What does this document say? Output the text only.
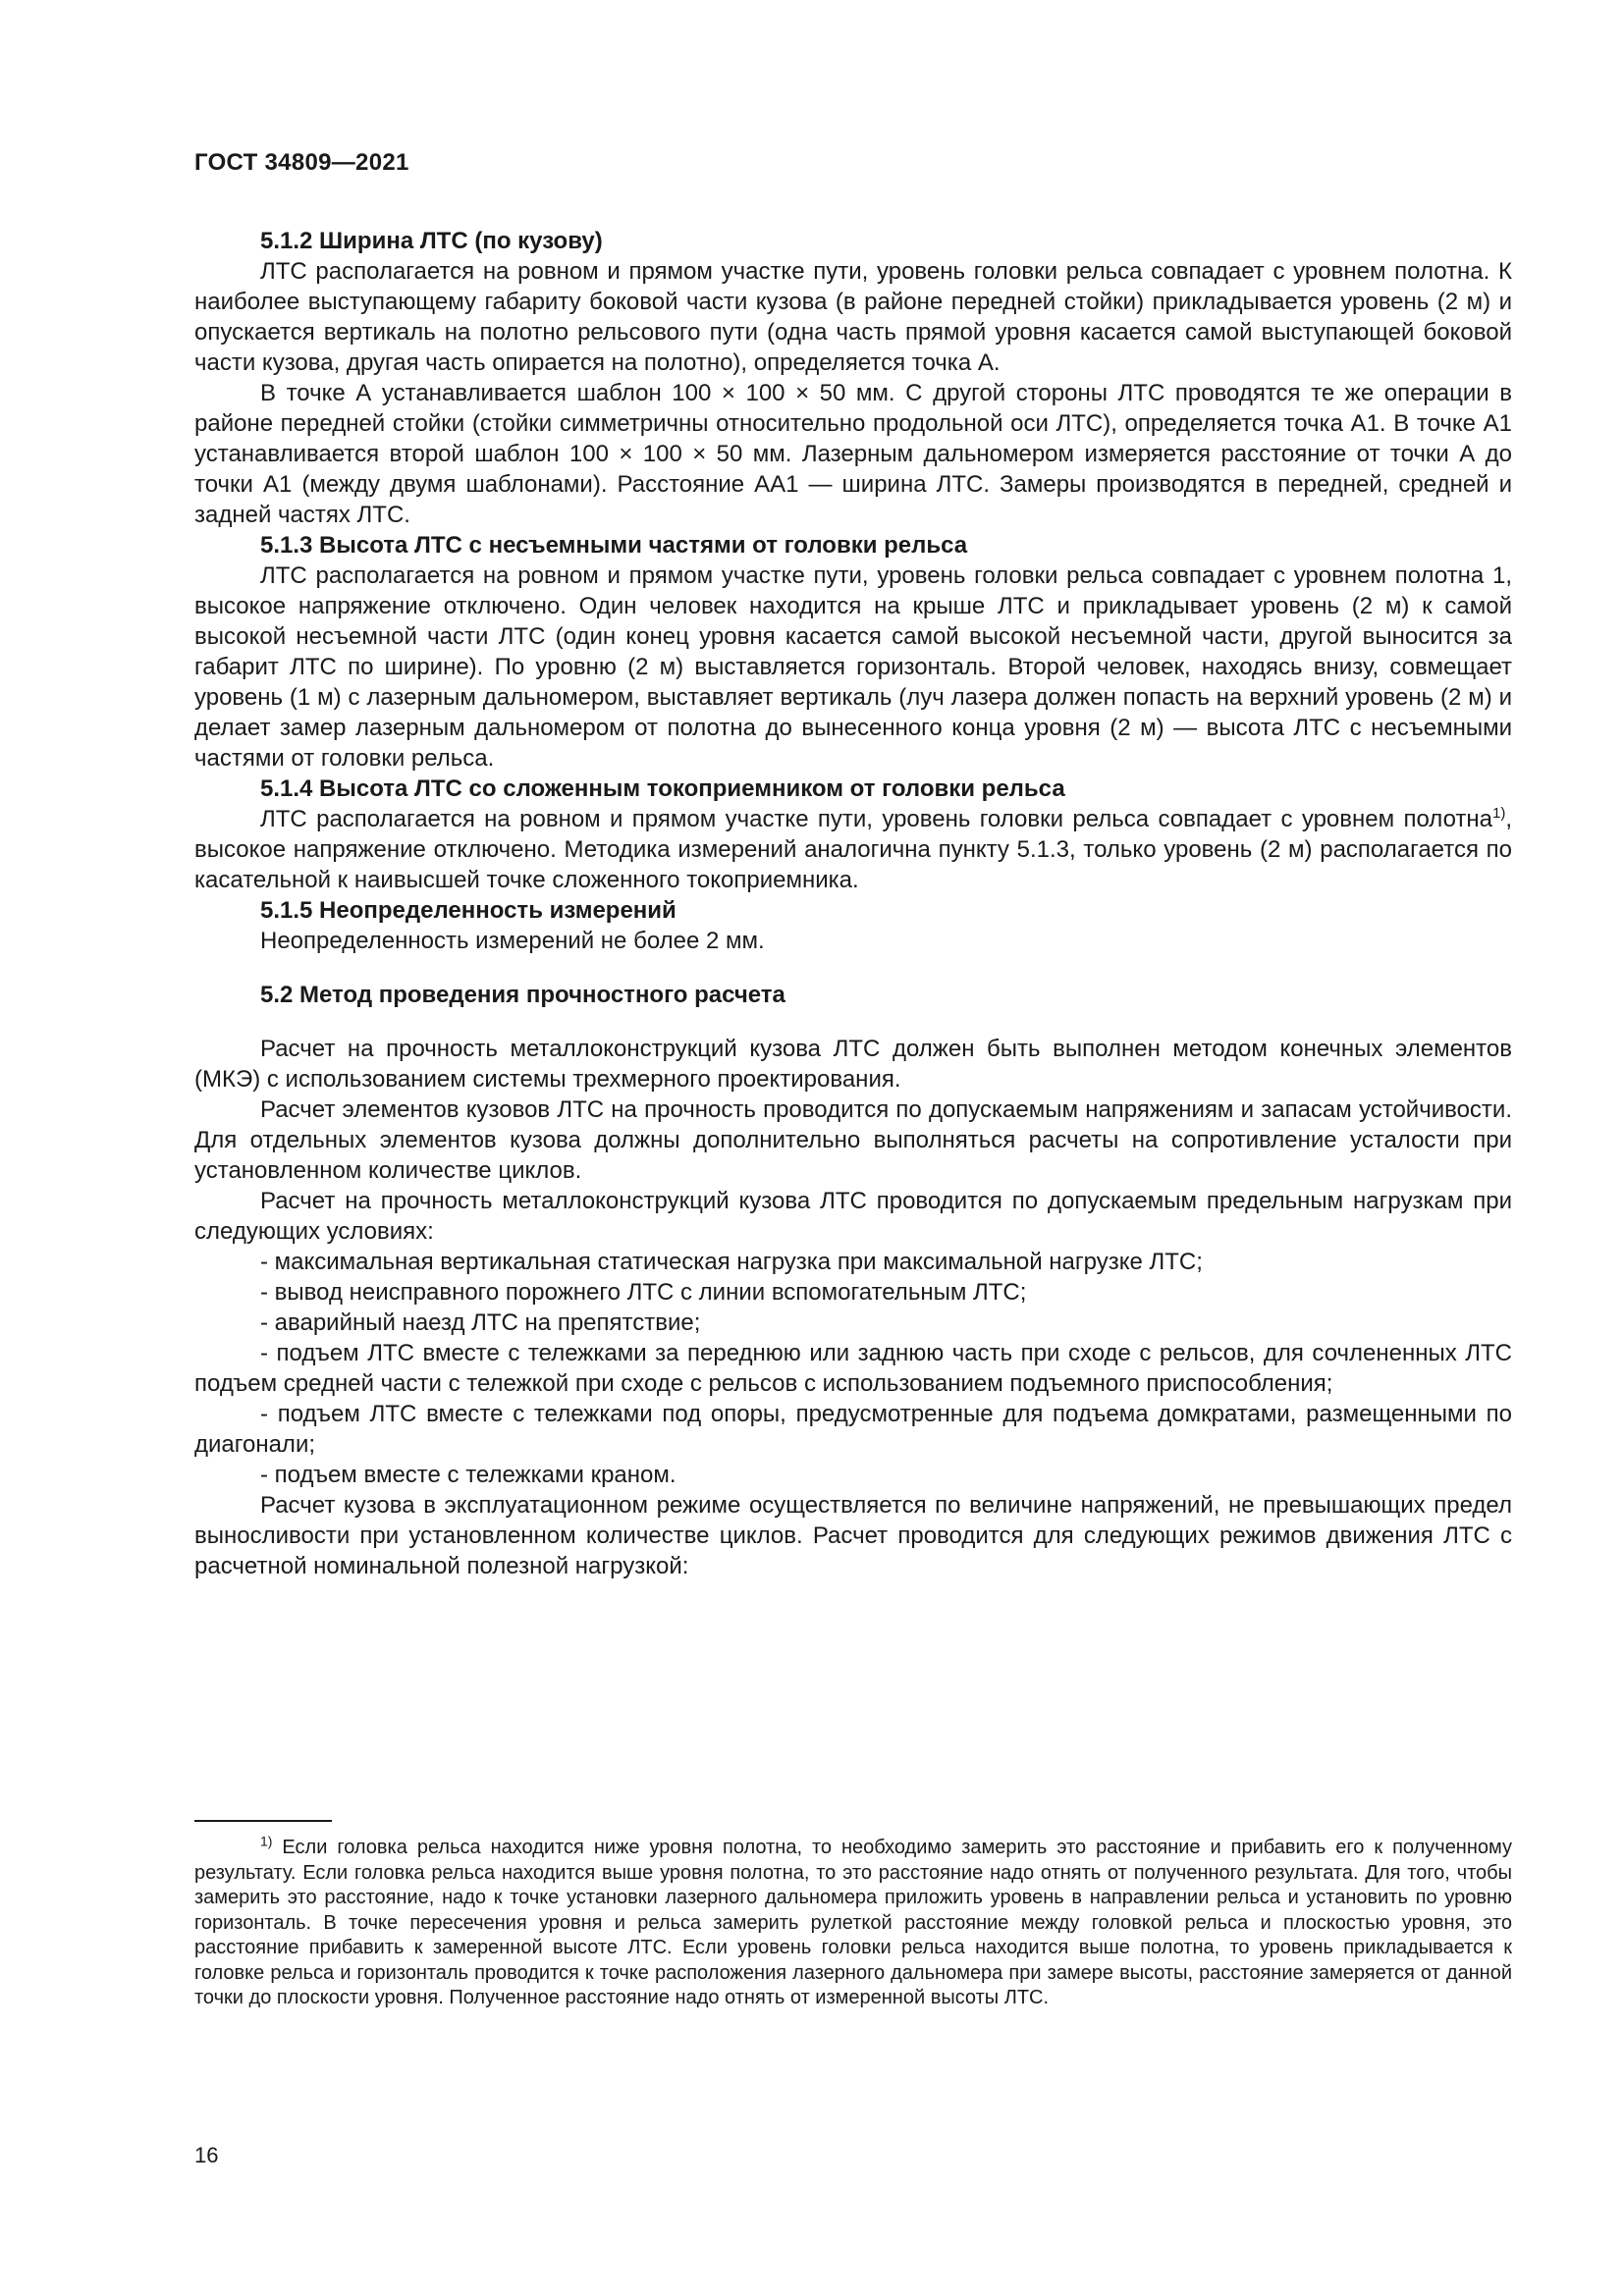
ГОСТ 34809—2021

5.1.2 Ширина ЛТС (по кузову)

ЛТС располагается на ровном и прямом участке пути, уровень головки рельса совпадает с уровнем полотна. К наиболее выступающему габариту боковой части кузова (в районе передней стойки) прикладывается уровень (2 м) и опускается вертикаль на полотно рельсового пути (одна часть прямой уровня касается самой выступающей боковой части кузова, другая часть опирается на полотно), определяется точка А.

В точке А устанавливается шаблон 100 × 100 × 50 мм. С другой стороны ЛТС проводятся те же операции в районе передней стойки (стойки симметричны относительно продольной оси ЛТС), определяется точка А1. В точке А1 устанавливается второй шаблон 100 × 100 × 50 мм. Лазерным дальномером измеряется расстояние от точки А до точки А1 (между двумя шаблонами). Расстояние АА1 — ширина ЛТС. Замеры производятся в передней, средней и задней частях ЛТС.

5.1.3 Высота ЛТС с несъемными частями от головки рельса

ЛТС располагается на ровном и прямом участке пути, уровень головки рельса совпадает с уровнем полотна 1, высокое напряжение отключено. Один человек находится на крыше ЛТС и прикладывает уровень (2 м) к самой высокой несъемной части ЛТС (один конец уровня касается самой высокой несъемной части, другой выносится за габарит ЛТС по ширине). По уровню (2 м) выставляется горизонталь. Второй человек, находясь внизу, совмещает уровень (1 м) с лазерным дальномером, выставляет вертикаль (луч лазера должен попасть на верхний уровень (2 м) и делает замер лазерным дальномером от полотна до вынесенного конца уровня (2 м) — высота ЛТС с несъемными частями от головки рельса.

5.1.4 Высота ЛТС со сложенным токоприемником от головки рельса

ЛТС располагается на ровном и прямом участке пути, уровень головки рельса совпадает с уровнем полотна$^{1)}$, высокое напряжение отключено. Методика измерений аналогична пункту 5.1.3, только уровень (2 м) располагается по касательной к наивысшей точке сложенного токоприемника.

5.1.5 Неопределенность измерений

Неопределенность измерений не более 2 мм.

5.2 Метод проведения прочностного расчета

Расчет на прочность металлоконструкций кузова ЛТС должен быть выполнен методом конечных элементов (МКЭ) с использованием системы трехмерного проектирования.

Расчет элементов кузовов ЛТС на прочность проводится по допускаемым напряжениям и запасам устойчивости. Для отдельных элементов кузова должны дополнительно выполняться расчеты на сопротивление усталости при установленном количестве циклов.

Расчет на прочность металлоконструкций кузова ЛТС проводится по допускаемым предельным нагрузкам при следующих условиях:

- максимальная вертикальная статическая нагрузка при максимальной нагрузке ЛТС;

- вывод неисправного порожнего ЛТС с линии вспомогательным ЛТС;

- аварийный наезд ЛТС на препятствие;

- подъем ЛТС вместе с тележками за переднюю или заднюю часть при сходе с рельсов, для сочлененных ЛТС подъем средней части с тележкой при сходе с рельсов с использованием подъемного приспособления;

- подъем ЛТС вместе с тележками под опоры, предусмотренные для подъема домкратами, размещенными по диагонали;

- подъем вместе с тележками краном.

Расчет кузова в эксплуатационном режиме осуществляется по величине напряжений, не превышающих предел выносливости при установленном количестве циклов. Расчет проводится для следующих режимов движения ЛТС с расчетной номинальной полезной нагрузкой:

$^{1)}$ Если головка рельса находится ниже уровня полотна, то необходимо замерить это расстояние и прибавить его к полученному результату. Если головка рельса находится выше уровня полотна, то это расстояние надо отнять от полученного результата. Для того, чтобы замерить это расстояние, надо к точке установки лазерного дальномера приложить уровень в направлении рельса и установить по уровню горизонталь. В точке пересечения уровня и рельса замерить рулеткой расстояние между головкой рельса и плоскостью уровня, это расстояние прибавить к замеренной высоте ЛТС. Если уровень головки рельса находится выше полотна, то уровень прикладывается к головке рельса и горизонталь проводится к точке расположения лазерного дальномера при замере высоты, расстояние замеряется от данной точки до плоскости уровня. Полученное расстояние надо отнять от измеренной высоты ЛТС.

16
